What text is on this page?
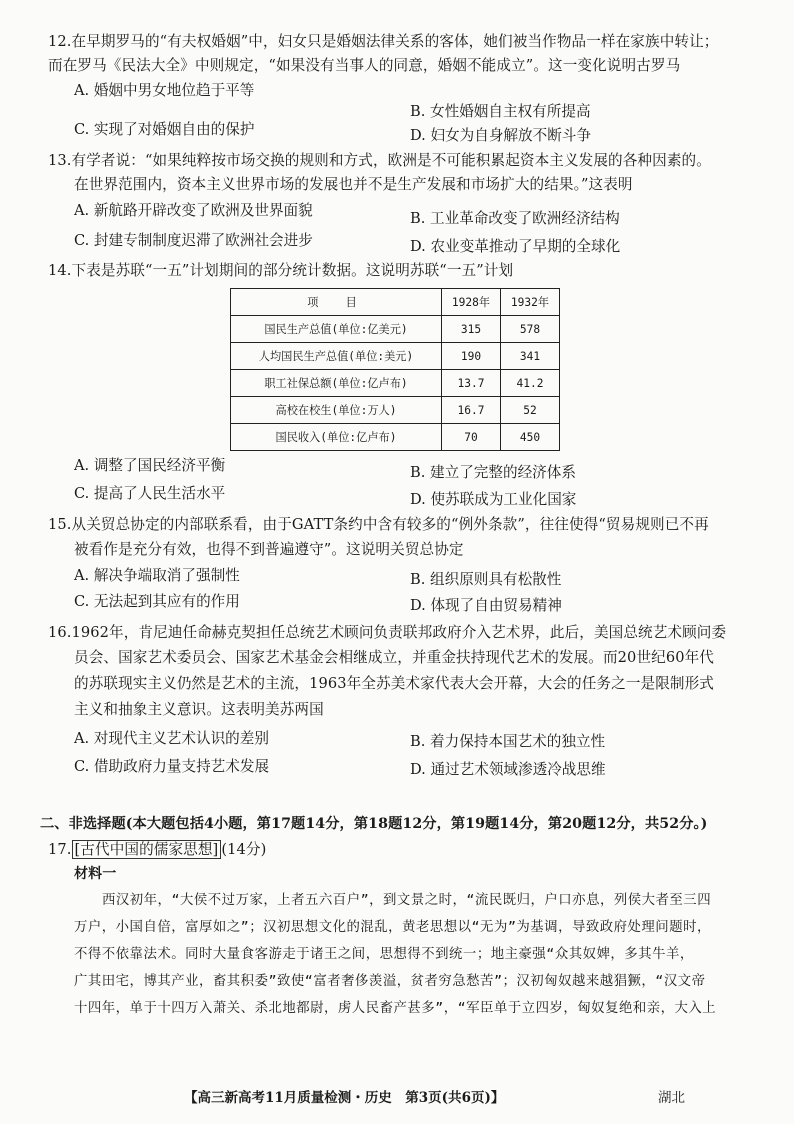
12.在早期罗马的“有夫权婚姻”中，妇女只是婚姻法律关系的客体，她们被当作物品一样在家族中转让；
而在罗马《民法大全》中则规定，“如果没有当事人的同意，婚姻不能成立”。这一变化说明古罗马
A. 婚姻中男女地位趋于平等
B. 女性婚姻自主权有所提高
C. 实现了对婚姻自由的保护	D. 妇女为自身解放不断斗争
13.有学者说：“如果纯粹按市场交换的规则和方式，欧洲是不可能积累起资本主义发展的各种因素的。
在世界范围内，资本主义世界市场的发展也并不是生产发展和市场扩大的结果。”这表明
A. 新航路开辟改变了欧洲及世界面貌	B. 工业革命改变了欧洲经济结构
C. 封建专制制度迟滞了欧洲社会进步	D. 农业变革推动了早期的全球化
14.下表是苏联“一五”计划期间的部分统计数据。这说明苏联“一五”计划
项　目	1928年	1932年
国民生产总值(单位:亿美元)	315	578
人均国民生产总值(单位:美元)	190	341
职工社保总额(单位:亿卢布)	13.7	41.2
高校在校生(单位:万人)	16.7	52
国民收入(单位:亿卢布)	70	450
A. 调整了国民经济平衡	B. 建立了完整的经济体系
C. 提高了人民生活水平	D. 使苏联成为工业化国家
15.从关贸总协定的内部联系看，由于GATT条约中含有较多的“例外条款”，往往使得“贸易规则已不再
被看作是充分有效，也得不到普遍遵守”。这说明关贸总协定
A. 解决争端取消了强制性	B. 组织原则具有松散性
C. 无法起到其应有的作用	D. 体现了自由贸易精神
16.1962年，肯尼迪任命赫克契担任总统艺术顾问负责联邦政府介入艺术界，此后，美国总统艺术顾问委
员会、国家艺术委员会、国家艺术基金会相继成立，并重金扶持现代艺术的发展。而20世纪60年代
的苏联现实主义仍然是艺术的主流，1963年全苏美术家代表大会开幕，大会的任务之一是限制形式
主义和抽象主义意识。这表明美苏两国
A. 对现代主义艺术认识的差别	B. 着力保持本国艺术的独立性
C. 借助政府力量支持艺术发展	D. 通过艺术领域渗透冷战思维
二、非选择题(本大题包括4小题，第17题14分，第18题12分，第19题14分，第20题12分，共52分。)
17. [古代中国的儒家思想] (14分)
材料一
西汉初年，“大侯不过万家，上者五六百户”，到文景之时，“流民既归，户口亦息，列侯大者至三四
万户，小国自倍，富厚如之”；汉初思想文化的混乱，黄老思想以“无为”为基调，导致政府处理问题时，
不得不依靠法术。同时大量食客游走于诸王之间，思想得不到统一；地主豪强“众其奴婢，多其牛羊，
广其田宅，博其产业，畜其积委”致使“富者奢侈羡溢，贫者穷急愁苦”；汉初匈奴越来越猖獗，“汉文帝
十四年，单于十四万入萧关、杀北地都尉，虏人民畜产甚多”，“军臣单于立四岁，匈奴复绝和亲，大入上
【高三新高考11月质量检测・历史　第3页(共6页)】	湖北
